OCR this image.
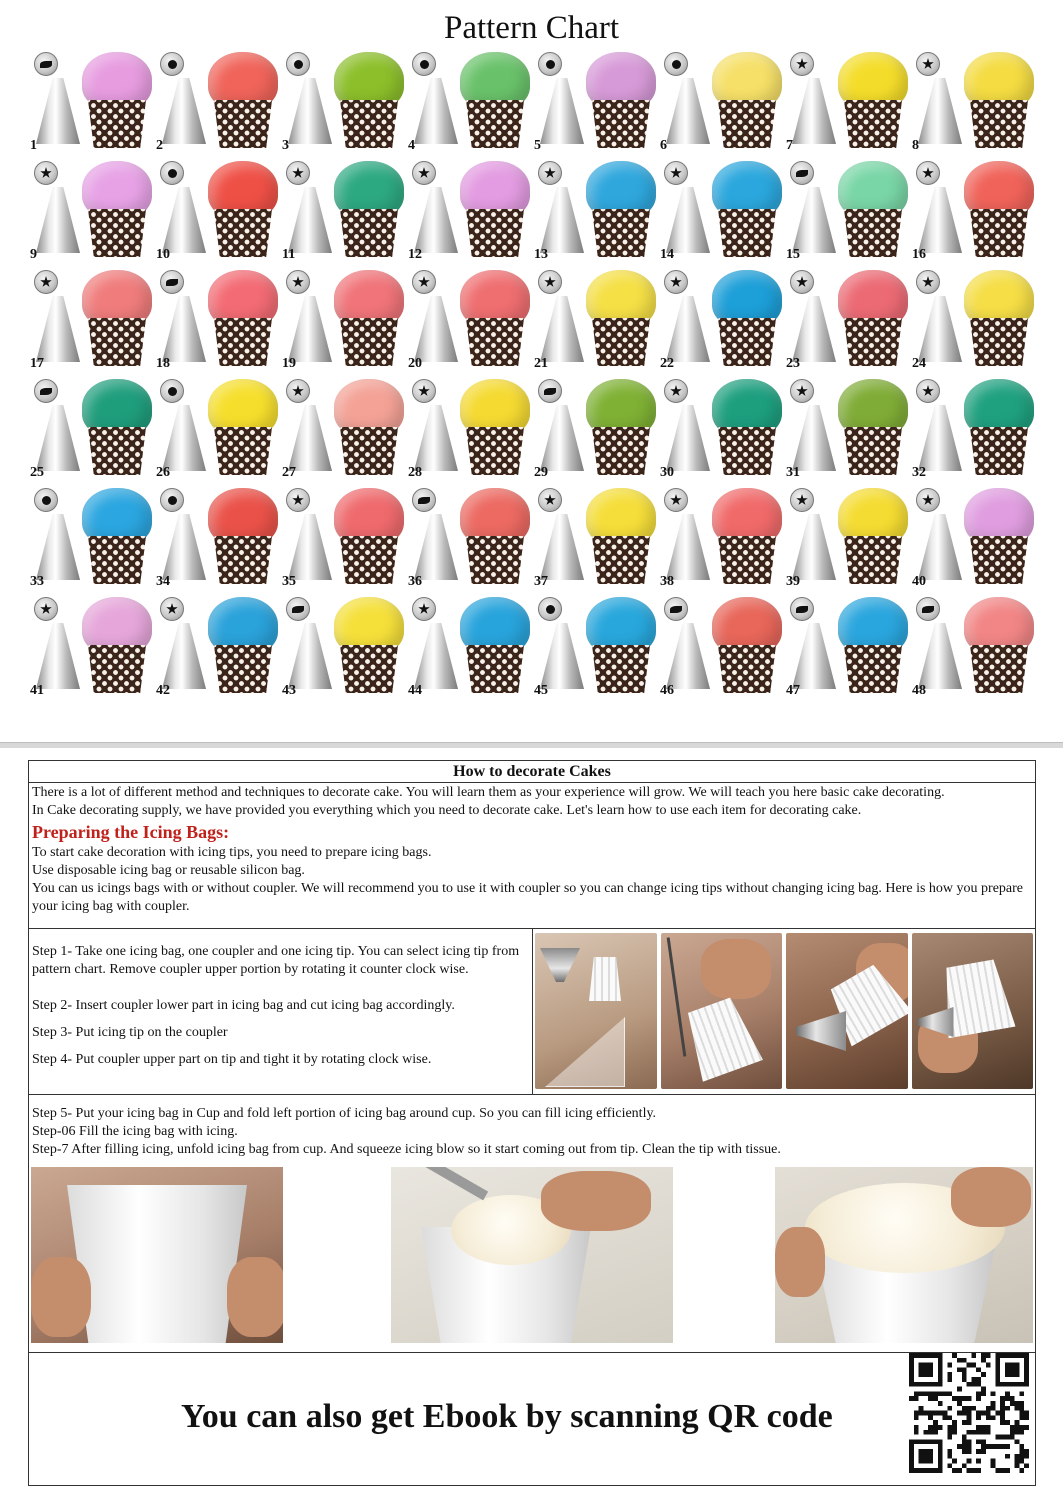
Pattern Chart
1	2	3	4	5	6	7	8
9	10	11	12	13	14	15	16
17	18	19	20	21	22	23	24
25	26	27	28	29	30	31	32
33	34	35	36	37	38	39	40
41	42	43	44	45	46	47	48
How to decorate Cakes

There is a lot of different method and techniques to decorate cake. You will learn them as your experience will grow. We will teach you here basic cake decorating.

In Cake decorating supply, we have provided you everything which you need to decorate cake. Let's learn how to use each item for decorating cake.

Preparing the Icing Bags:

To start cake decoration with icing tips, you need to prepare icing bags.

Use disposable icing bag or reusable silicon bag.

You can us icings bags with or without coupler. We will recommend you to use it with coupler so you can change icing tips without changing icing bag. Here is how you prepare your icing bag with coupler.

Step 1- Take one icing bag, one coupler and one icing tip. You can select icing tip from pattern chart. Remove coupler upper portion by rotating it counter clock wise.

Step 2- Insert coupler lower part in icing bag and cut icing bag accordingly.

Step 3- Put icing tip on the coupler

Step 4- Put coupler upper part on tip and tight it by rotating clock wise.

Step 5- Put your icing bag in Cup and fold left portion of icing bag around cup. So you can fill icing efficiently.

Step-06 Fill the icing bag with icing.

Step-7 After filling icing, unfold icing bag from cup. And squeeze icing blow so it start coming out from tip. Clean the tip with tissue.

You can also get Ebook by scanning QR code
